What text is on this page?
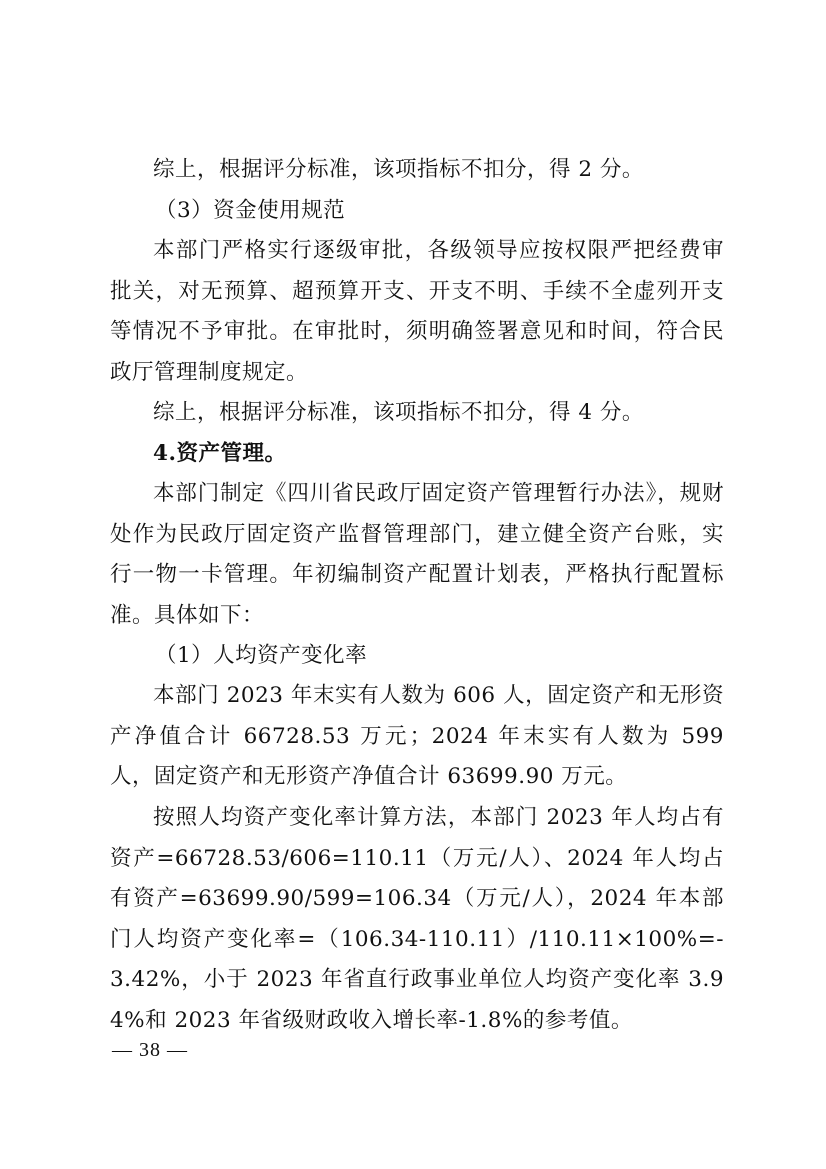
综上，根据评分标准，该项指标不扣分，得 2 分。

（3）资金使用规范

本部门严格实行逐级审批，各级领导应按权限严把经费审批关，对无预算、超预算开支、开支不明、手续不全虚列开支等情况不予审批。在审批时，须明确签署意见和时间，符合民政厅管理制度规定。

综上，根据评分标准，该项指标不扣分，得 4 分。

4.资产管理。

本部门制定《四川省民政厅固定资产管理暂行办法》，规财处作为民政厅固定资产监督管理部门，建立健全资产台账，实行一物一卡管理。年初编制资产配置计划表，严格执行配置标准。具体如下：

（1）人均资产变化率

本部门 2023 年末实有人数为 606 人，固定资产和无形资产净值合计 66728.53 万元；2024 年末实有人数为 599 人，固定资产和无形资产净值合计 63699.90 万元。

按照人均资产变化率计算方法，本部门 2023 年人均占有资产=66728.53/606=110.11（万元/人）、2024 年人均占有资产=63699.90/599=106.34（万元/人），2024 年本部门人均资产变化率=（106.34-110.11）/110.11×100%=-3.42%，小于 2023 年省直行政事业单位人均资产变化率 3.94%和 2023 年省级财政收入增长率-1.8%的参考值。

— 38 —
